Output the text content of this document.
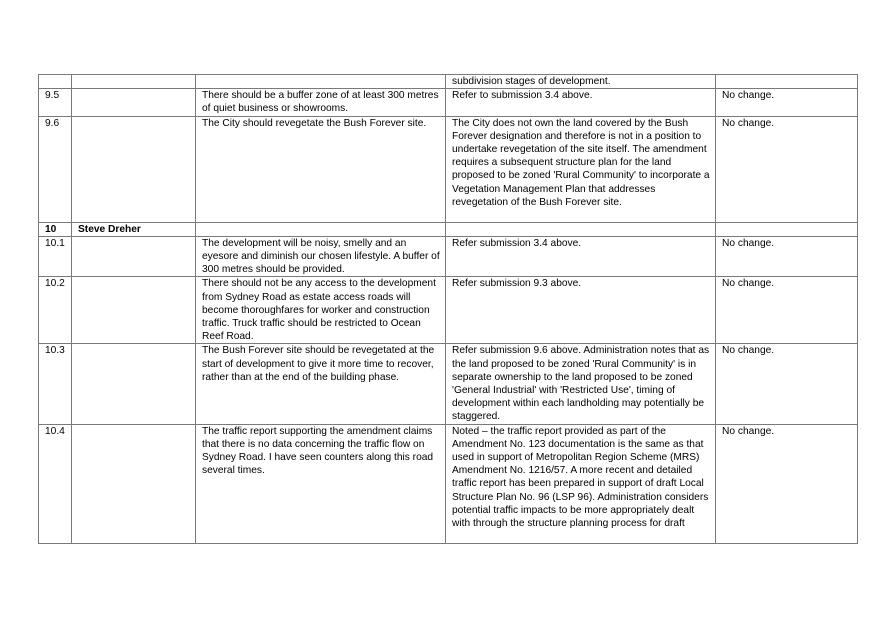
			subdivision stages of development.	
9.5		There should be a buffer zone of at least 300 metres of quiet business or showrooms.	Refer to submission 3.4 above.	No change.
9.6		The City should revegetate the Bush Forever site.	The City does not own the land covered by the Bush Forever designation and therefore is not in a position to undertake revegetation of the site itself. The amendment requires a subsequent structure plan for the land proposed to be zoned 'Rural Community' to incorporate a Vegetation Management Plan that addresses revegetation of the Bush Forever site.	No change.
10	Steve Dreher			
10.1		The development will be noisy, smelly and an eyesore and diminish our chosen lifestyle. A buffer of 300 metres should be provided.	Refer submission 3.4 above.	No change.
10.2		There should not be any access to the development from Sydney Road as estate access roads will become thoroughfares for worker and construction traffic. Truck traffic should be restricted to Ocean Reef Road.	Refer submission 9.3 above.	No change.
10.3		The Bush Forever site should be revegetated at the start of development to give it more time to recover, rather than at the end of the building phase.	Refer submission 9.6 above. Administration notes that as the land proposed to be zoned 'Rural Community' is in separate ownership to the land proposed to be zoned 'General Industrial' with 'Restricted Use', timing of development within each landholding may potentially be staggered.	No change.
10.4		The traffic report supporting the amendment claims that there is no data concerning the traffic flow on Sydney Road. I have seen counters along this road several times.	Noted – the traffic report provided as part of the Amendment No. 123 documentation is the same as that used in support of Metropolitan Region Scheme (MRS) Amendment No. 1216/57. A more recent and detailed traffic report has been prepared in support of draft Local Structure Plan No. 96 (LSP 96). Administration considers potential traffic impacts to be more appropriately dealt with through the structure planning process for draft	No change.
